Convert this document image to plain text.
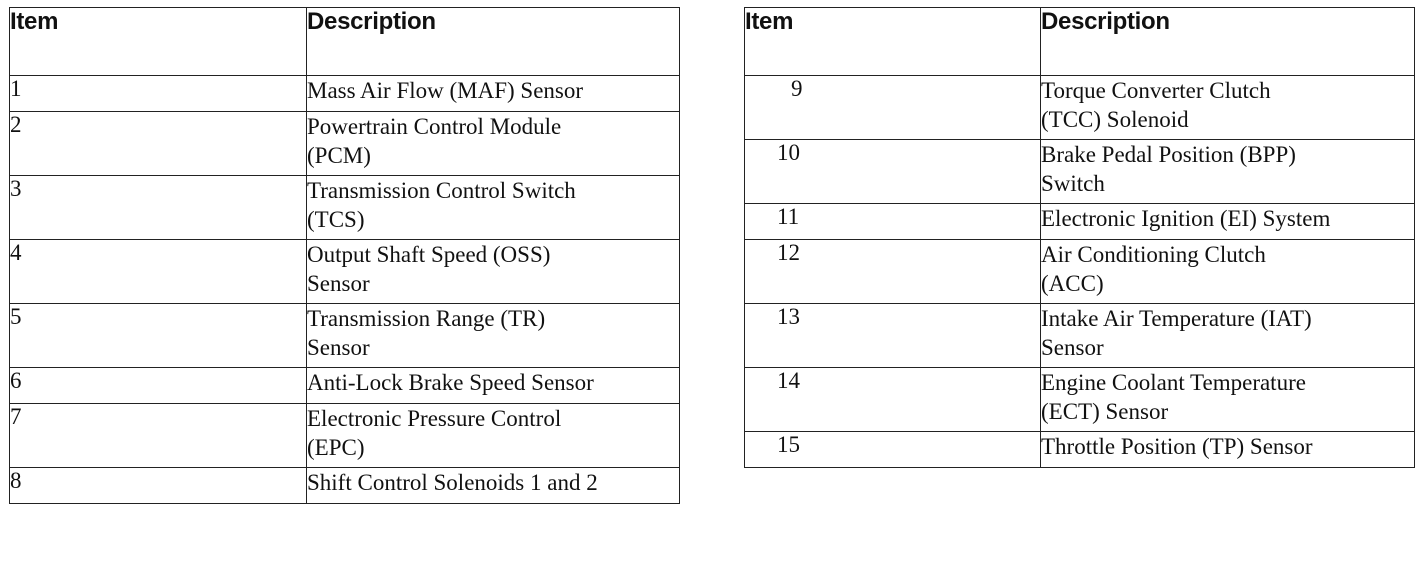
Item	Description
1	Mass Air Flow (MAF) Sensor

2	Powertrain Control Module
(PCM)

3	Transmission Control Switch
(TCS)

4	Output Shaft Speed (OSS)
Sensor

5	Transmission Range (TR)
Sensor

6	Anti-Lock Brake Speed Sensor

7	Electronic Pressure Control
(EPC)

8	Shift Control Solenoids 1 and 2
Item	Description
9	Torque Converter Clutch
(TCC) Solenoid

10	Brake Pedal Position (BPP)
Switch

11	Electronic Ignition (EI) System

12	Air Conditioning Clutch
(ACC)

13	Intake Air Temperature (IAT)
Sensor

14	Engine Coolant Temperature
(ECT) Sensor

15	Throttle Position (TP) Sensor
